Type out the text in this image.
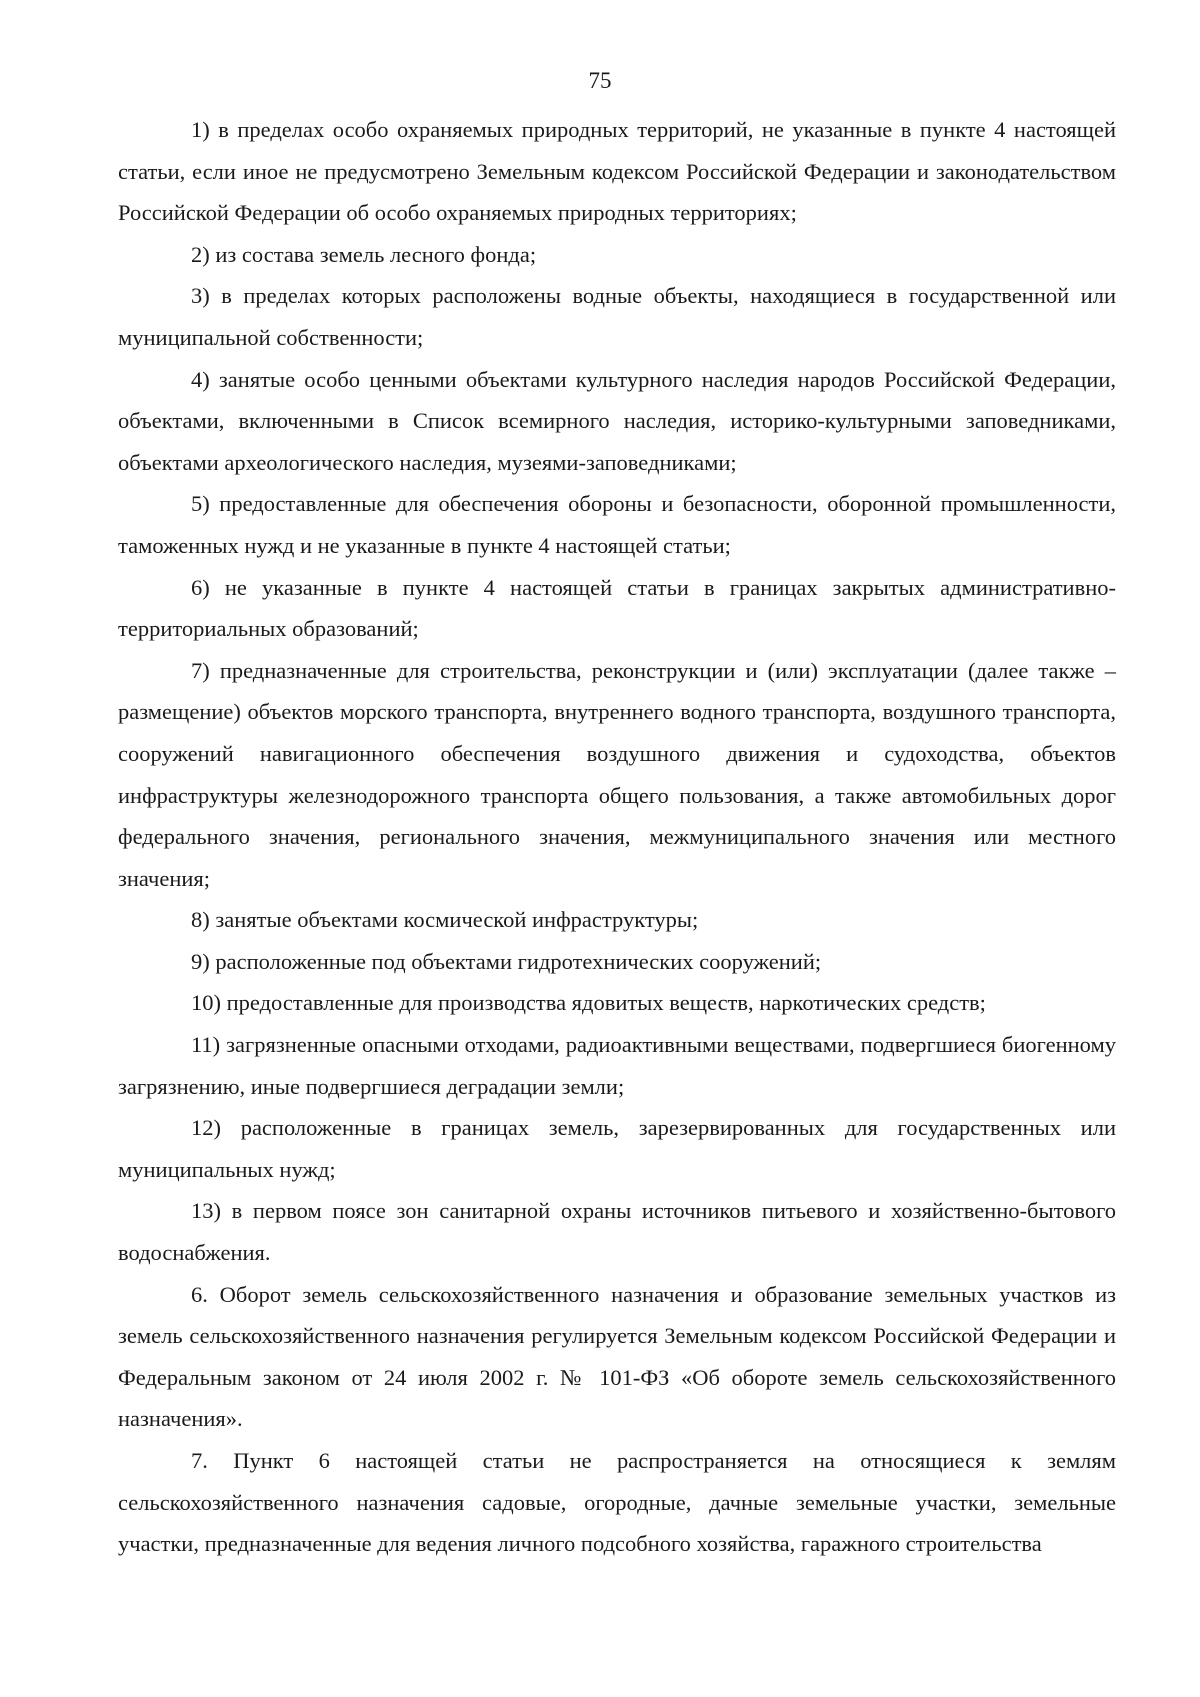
75

1) в пределах особо охраняемых природных территорий, не указанные в пункте 4 настоящей статьи, если иное не предусмотрено Земельным кодексом Российской Федерации и законодательством Российской Федерации об особо охраняемых природных территориях;

2) из состава земель лесного фонда;

3) в пределах которых расположены водные объекты, находящиеся в государственной или муниципальной собственности;

4) занятые особо ценными объектами культурного наследия народов Российской Федерации, объектами, включенными в Список всемирного наследия, историко-культурными заповедниками, объектами археологического наследия, музеями-заповедниками;

5) предоставленные для обеспечения обороны и безопасности, оборонной промышленности, таможенных нужд и не указанные в пункте 4 настоящей статьи;

6) не указанные в пункте 4 настоящей статьи в границах закрытых административно-территориальных образований;

7) предназначенные для строительства, реконструкции и (или) эксплуатации (далее также – размещение) объектов морского транспорта, внутреннего водного транспорта, воздушного транспорта, сооружений навигационного обеспечения воздушного движения и судоходства, объектов инфраструктуры железнодорожного транспорта общего пользования, а также автомобильных дорог федерального значения, регионального значения, межмуниципального значения или местного значения;

8) занятые объектами космической инфраструктуры;

9) расположенные под объектами гидротехнических сооружений;

10) предоставленные для производства ядовитых веществ, наркотических средств;

11) загрязненные опасными отходами, радиоактивными веществами, подвергшиеся биогенному загрязнению, иные подвергшиеся деградации земли;

12) расположенные в границах земель, зарезервированных для государственных или муниципальных нужд;

13) в первом поясе зон санитарной охраны источников питьевого и хозяйственно-бытового водоснабжения.

6. Оборот земель сельскохозяйственного назначения и образование земельных участков из земель сельскохозяйственного назначения регулируется Земельным кодексом Российской Федерации и Федеральным законом от 24 июля 2002 г. № 101-ФЗ «Об обороте земель сельскохозяйственного назначения».

7. Пункт 6 настоящей статьи не распространяется на относящиеся к землям сельскохозяйственного назначения садовые, огородные, дачные земельные участки, земельные участки, предназначенные для ведения личного подсобного хозяйства, гаражного строительства
